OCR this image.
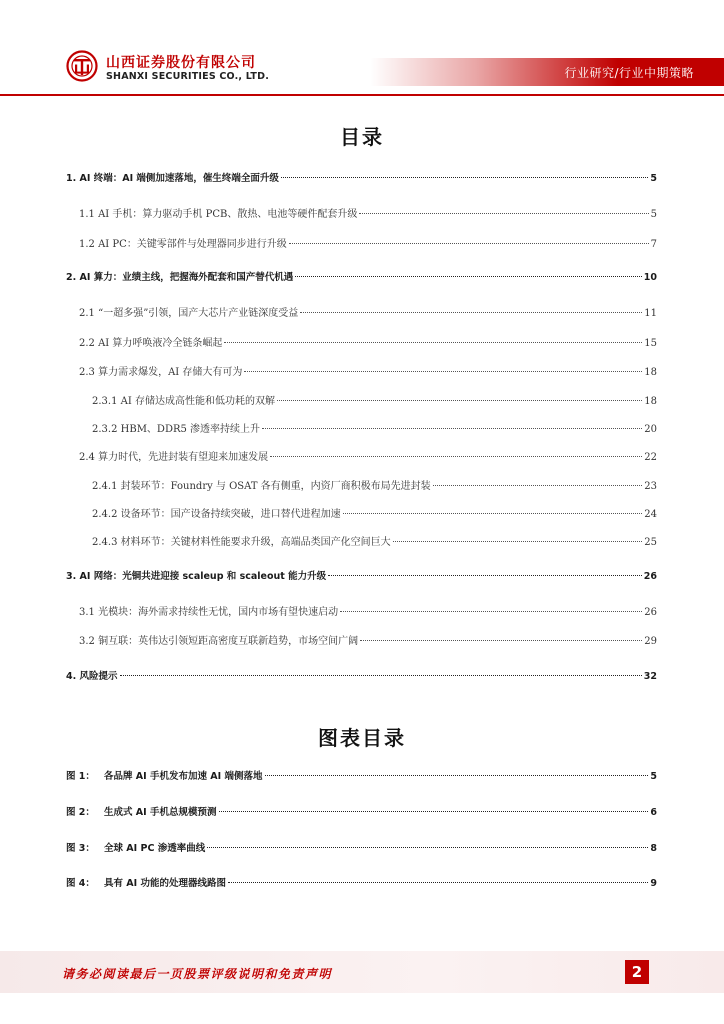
山西证券股份有限公司
SHANXI SECURITIES CO., LTD.	行业研究/行业中期策略
目录
1. AI 终端：AI 端侧加速落地，催生终端全面升级	5
1.1 AI 手机：算力驱动手机 PCB、散热、电池等硬件配套升级	5
1.2 AI PC：关键零部件与处理器同步进行升级	7
2. AI 算力：业绩主线，把握海外配套和国产替代机遇	10
2.1 “一超多强”引领，国产大芯片产业链深度受益	11
2.2 AI 算力呼唤液冷全链条崛起	15
2.3 算力需求爆发，AI 存储大有可为	18
2.3.1 AI 存储达成高性能和低功耗的双解	18
2.3.2 HBM、DDR5 渗透率持续上升	20
2.4 算力时代，先进封装有望迎来加速发展	22
2.4.1 封装环节：Foundry 与 OSAT 各有侧重，内资厂商积极布局先进封装	23
2.4.2 设备环节：国产设备持续突破，进口替代进程加速	24
2.4.3 材料环节：关键材料性能要求升级，高端品类国产化空间巨大	25
3. AI 网络：光铜共进迎接 scaleup 和 scaleout 能力升级	26
3.1 光模块：海外需求持续性无忧，国内市场有望快速启动	26
3.2 铜互联：英伟达引领短距高密度互联新趋势，市场空间广阔	29
4. 风险提示	32
图表目录
图 1： 各品牌 AI 手机发布加速 AI 端侧落地	5
图 2： 生成式 AI 手机总规模预测	6
图 3： 全球 AI PC 渗透率曲线	8
图 4： 具有 AI 功能的处理器线路图	9
请务必阅读最后一页股票评级说明和免责声明	2
